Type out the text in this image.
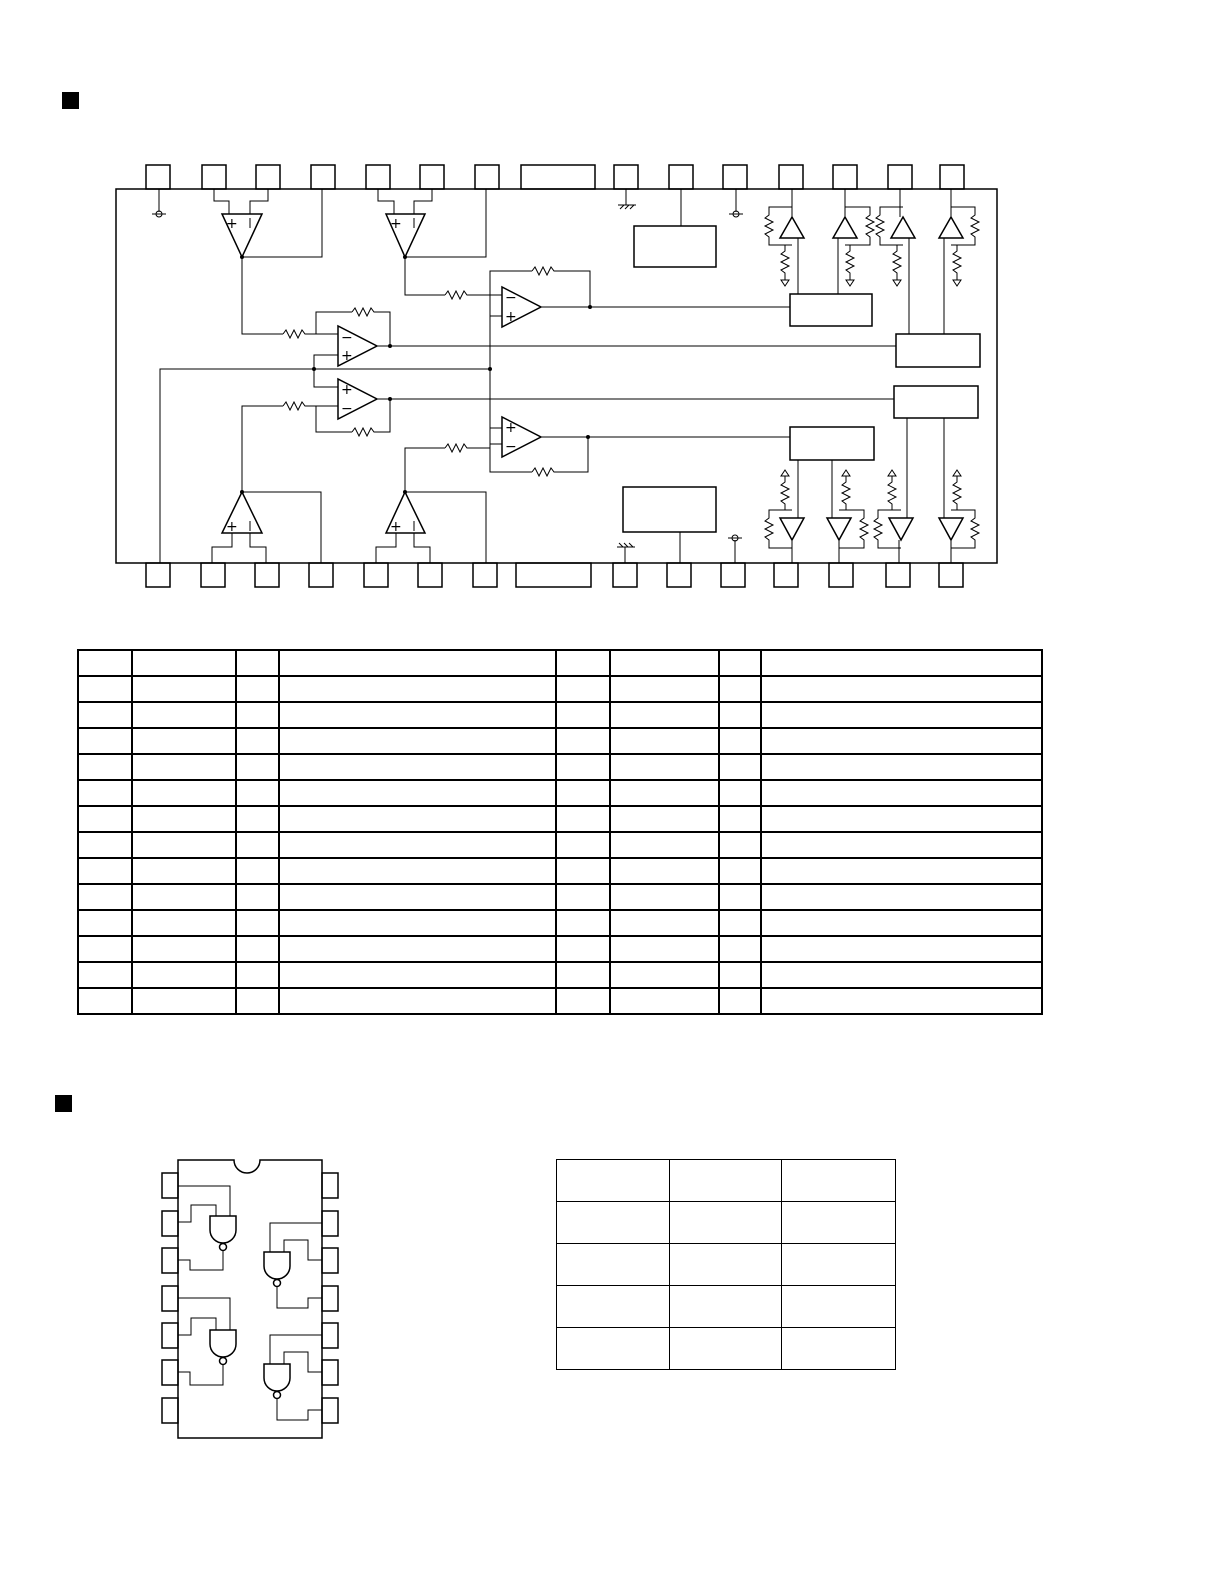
+	+
−
+
+
−
−
+
+
−
+	+
